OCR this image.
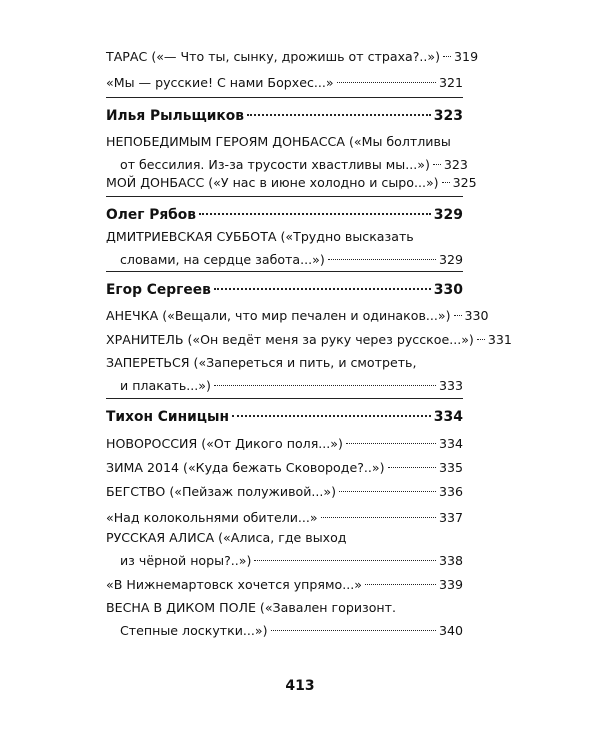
ТАРАС («— Что ты, сынку, дрожишь от страха?..») 319
«Мы — русские! С нами Борхес...»	321
Илья Рыльщиков	323
НЕПОБЕДИМЫМ ГЕРОЯМ ДОНБАССА («Мы болтливы
от бессилия. Из-за трусости хвастливы мы...») 323
МОЙ ДОНБАСС («У нас в июне холодно и сыро...») 325
Олег Рябов	329
ДМИТРИЕВСКАЯ СУББОТА («Трудно высказать
словами, на сердце забота...»)	329
Егор Сергеев	330
АНЕЧКА («Вещали, что мир печален и одинаков...») 330
ХРАНИТЕЛЬ («Он ведёт меня за руку через русское...») 331
ЗАПЕРЕТЬСЯ («Запереться и пить, и смотреть,
и плакать...»)	333
Тихон Синицын	334
НОВОРОССИЯ («От Дикого поля...»)	334
ЗИМА 2014 («Куда бежать Сковороде?..»)	335
БЕГСТВО («Пейзаж полуживой...»)	336
«Над колокольнями обители...»	337
РУССКАЯ АЛИСА («Алиса, где выход
из чёрной норы?..»)	338
«В Нижнемартовск хочется упрямо...»	339
ВЕСНА В ДИКОМ ПОЛЕ («Завален горизонт.
Степные лоскутки...»)	340
413
